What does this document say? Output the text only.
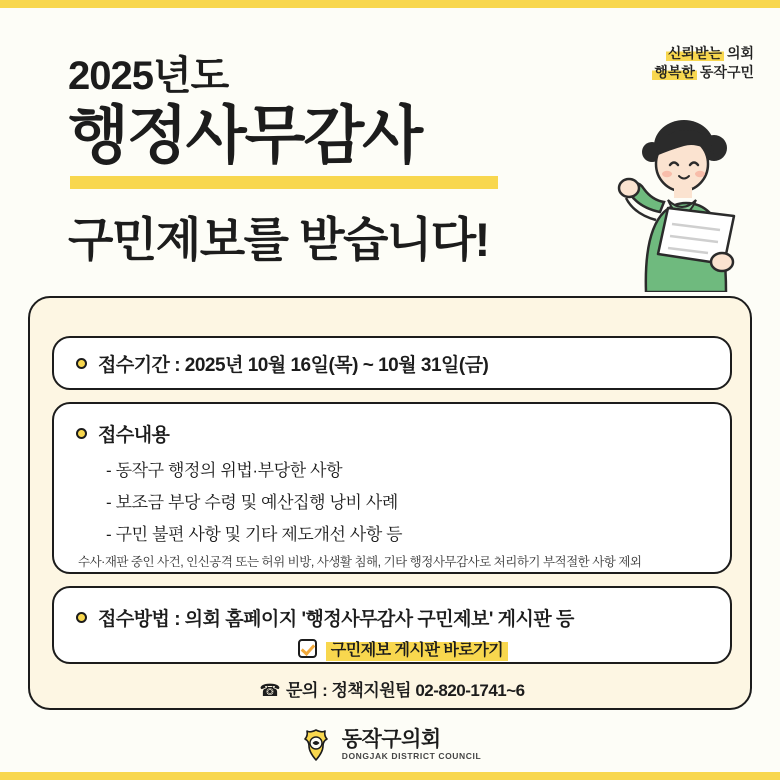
신뢰받는 의회
행복한 동작구민
2025년도
행정사무감사
구민제보를 받습니다!
접수기간 : 2025년 10월 16일(목) ~ 10월 31일(금)
접수내용
- 동작구 행정의 위법·부당한 사항
- 보조금 부당 수령 및 예산집행 낭비 사례
- 구민 불편 사항 및 기타 제도개선 사항 등
수사·재판 중인 사건, 인신공격 또는 허위 비방, 사생활 침해, 기타 행정사무감사로 처리하기 부적절한 사항 제외
접수방법 : 의회 홈페이지 '행정사무감사 구민제보' 게시판 등
구민제보 게시판 바로가기
☎ 문의 : 정책지원팀 02-820-1741~6
동작구의회
DONGJAK DISTRICT COUNCIL
